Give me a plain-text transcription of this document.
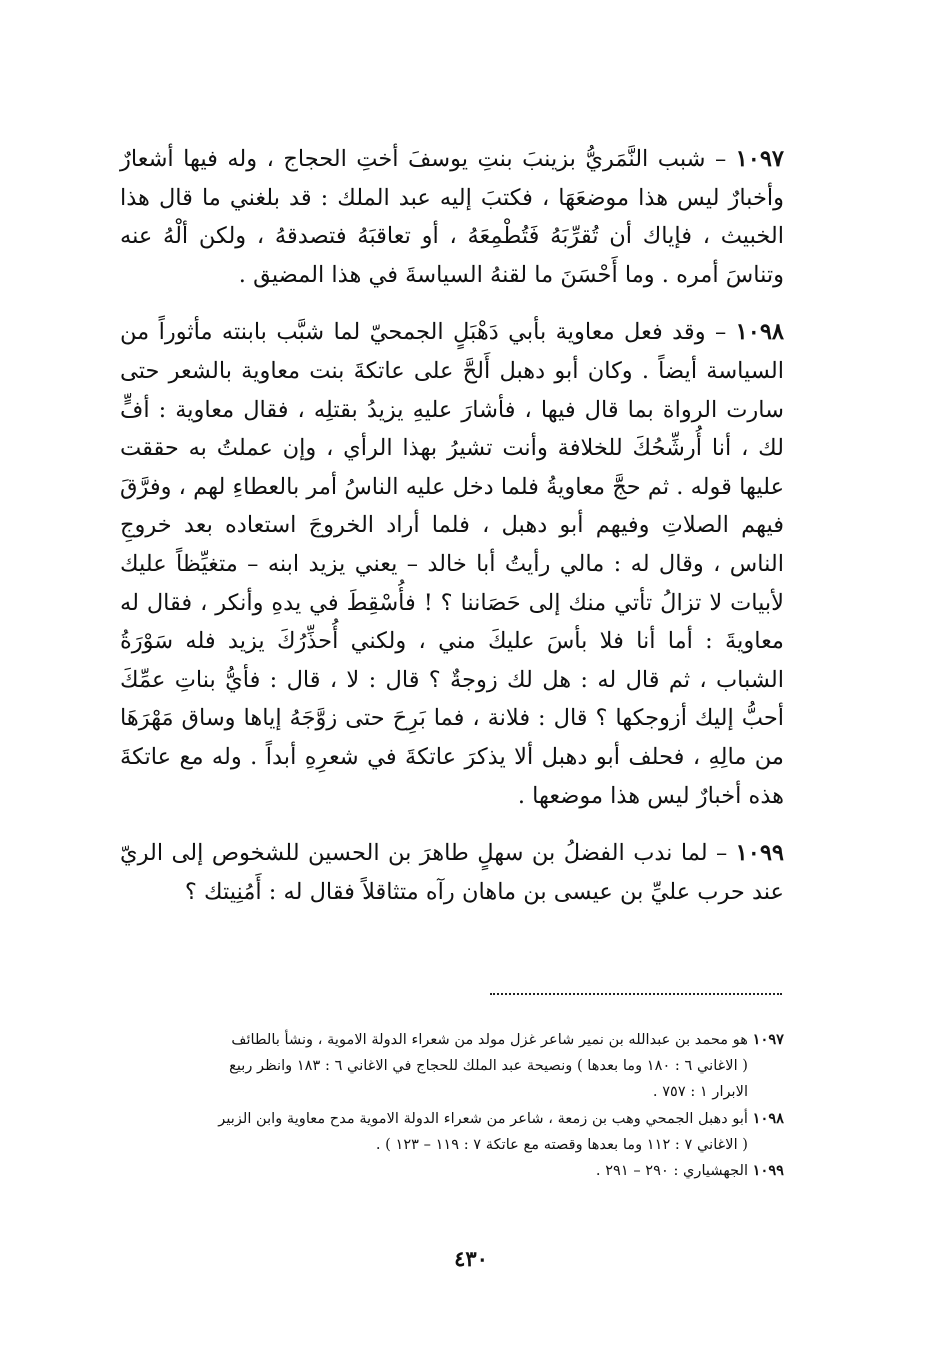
١٠٩٧ – شبب النَّمَريُّ بزينبَ بنتِ يوسفَ أختِ الحجاج ، وله فيها أشعارٌ وأخبارٌ ليس هذا موضعَهَا ، فكتبَ إليه عبد الملك : قد بلغني ما قال هذا الخبيث ، فإياك أن تُقرِّبَهُ فَتُطْمِعَهُ ، أو تعاقبَهُ فتصدقهُ ، ولكن ألْهُ عنه وتناسَ أمره . وما أَحْسَنَ ما لقنهُ السياسةَ في هذا المضيق .

١٠٩٨ – وقد فعل معاوية بأبي دَهْبَلٍ الجمحيّ لما شبَّب بابنته مأثوراً من السياسة أيضاً . وكان أبو دهبل أَلحَّ على عاتكةَ بنت معاوية بالشعر حتى سارت الرواة بما قال فيها ، فأشارَ عليهِ يزيدُ بقتلِه ، فقال معاوية : أفٍّ لك ، أنا أُرشِّحُكَ للخلافة وأنت تشيرُ بهذا الرأي ، وإن عملتُ به حققت عليها قوله . ثم حجَّ معاويةُ فلما دخل عليه الناسُ أمر بالعطاءِ لهم ، وفرَّقَ فيهم الصلاتِ وفيهم أبو دهبل ، فلما أراد الخروجَ استعاده بعد خروجِ الناس ، وقال له : مالي رأيتُ أبا خالد – يعني يزيد ابنه – متغيِّظاً عليك لأبيات لا تزالُ تأتي منك إلى حَصَاننا ؟ ! فأُسْقِطَ في يدهِ وأنكر ، فقال له معاويةَ : أما أنا فلا بأسَ عليكَ مني ، ولكني أُحذِّرُكَ يزيد فله سَوْرَةُ الشباب ، ثم قال له : هل لك زوجةٌ ؟ قال : لا ، قال : فأيُّ بناتِ عمِّكَ أحبُّ إليك أزوجكها ؟ قال : فلانة ، فما بَرِحَ حتى زوَّجَهُ إياها وساق مَهْرَهَا من مالِهِ ، فحلف أبو دهبل ألا يذكرَ عاتكةَ في شعرِهِ أبداً . وله مع عاتكةَ هذه أخبارٌ ليس هذا موضعها .

١٠٩٩ – لما ندب الفضلُ بن سهلٍ طاهرَ بن الحسين للشخوص إلى الريّ عند حرب عليِّ بن عيسى بن ماهان رآه متثاقلاً فقال له : أَمُنِيتك ؟

١٠٩٧ هو محمد بن عبدالله بن نمير شاعر غزل مولد من شعراء الدولة الاموية ، ونشأ بالطائف
( الاغاني ٦ : ١٨٠ وما بعدها ) ونصيحة عبد الملك للحجاج في الاغاني ٦ : ١٨٣ وانظر ربيع
الابرار ١ : ٧٥٧ .

١٠٩٨ أبو دهبل الجمحي وهب بن زمعة ، شاعر من شعراء الدولة الاموية مدح معاوية وابن الزبير
( الاغاني ٧ : ١١٢ وما بعدها وقصته مع عاتكة ٧ : ١١٩ – ١٢٣ ) .

١٠٩٩ الجهشياري : ٢٩٠ – ٢٩١ .

٤٣٠
